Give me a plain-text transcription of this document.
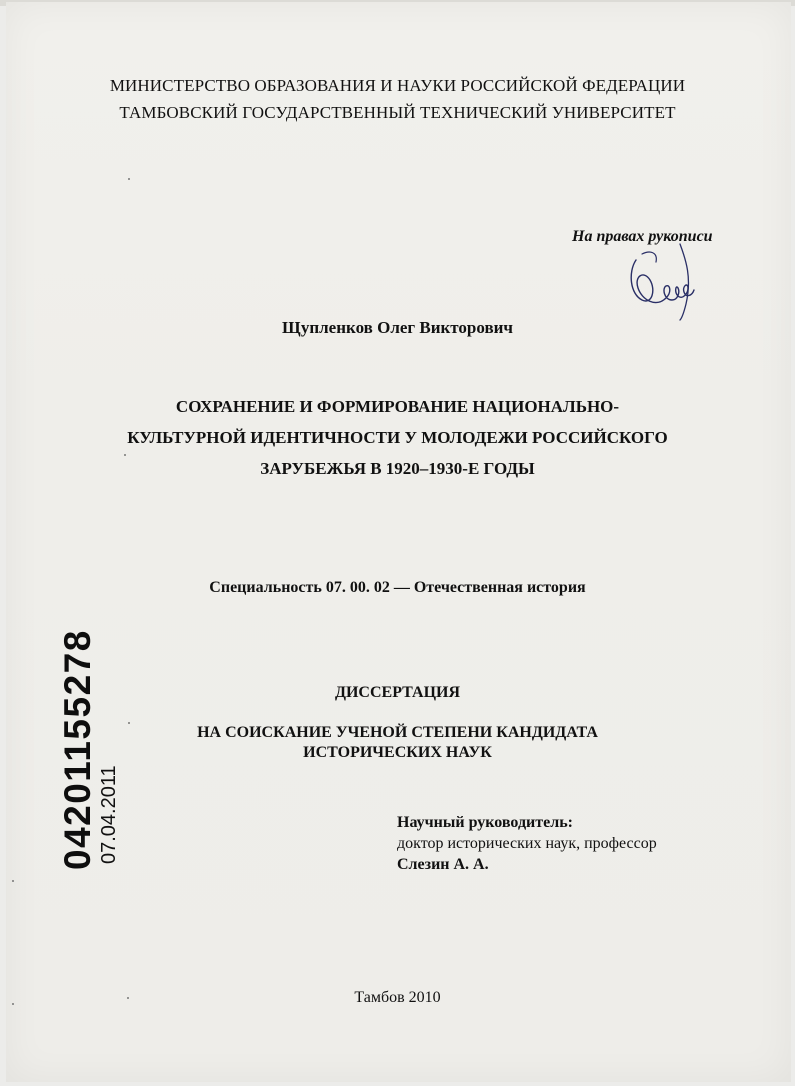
МИНИСТЕРСТВО ОБРАЗОВАНИЯ И НАУКИ РОССИЙСКОЙ ФЕДЕРАЦИИ
ТАМБОВСКИЙ ГОСУДАРСТВЕННЫЙ ТЕХНИЧЕСКИЙ УНИВЕРСИТЕТ
На правах рукописи
Щупленков Олег Викторович
СОХРАНЕНИЕ И ФОРМИРОВАНИЕ НАЦИОНАЛЬНО-
КУЛЬТУРНОЙ ИДЕНТИЧНОСТИ У МОЛОДЕЖИ РОССИЙСКОГО
ЗАРУБЕЖЬЯ В 1920–1930-Е ГОДЫ
Специальность 07. 00. 02 — Отечественная история
ДИССЕРТАЦИЯ
НА СОИСКАНИЕ УЧЕНОЙ СТЕПЕНИ КАНДИДАТА
ИСТОРИЧЕСКИХ НАУК
Научный руководитель:
доктор исторических наук, профессор
Слезин А. А.
Тамбов 2010
04201155278 07.04.2011
